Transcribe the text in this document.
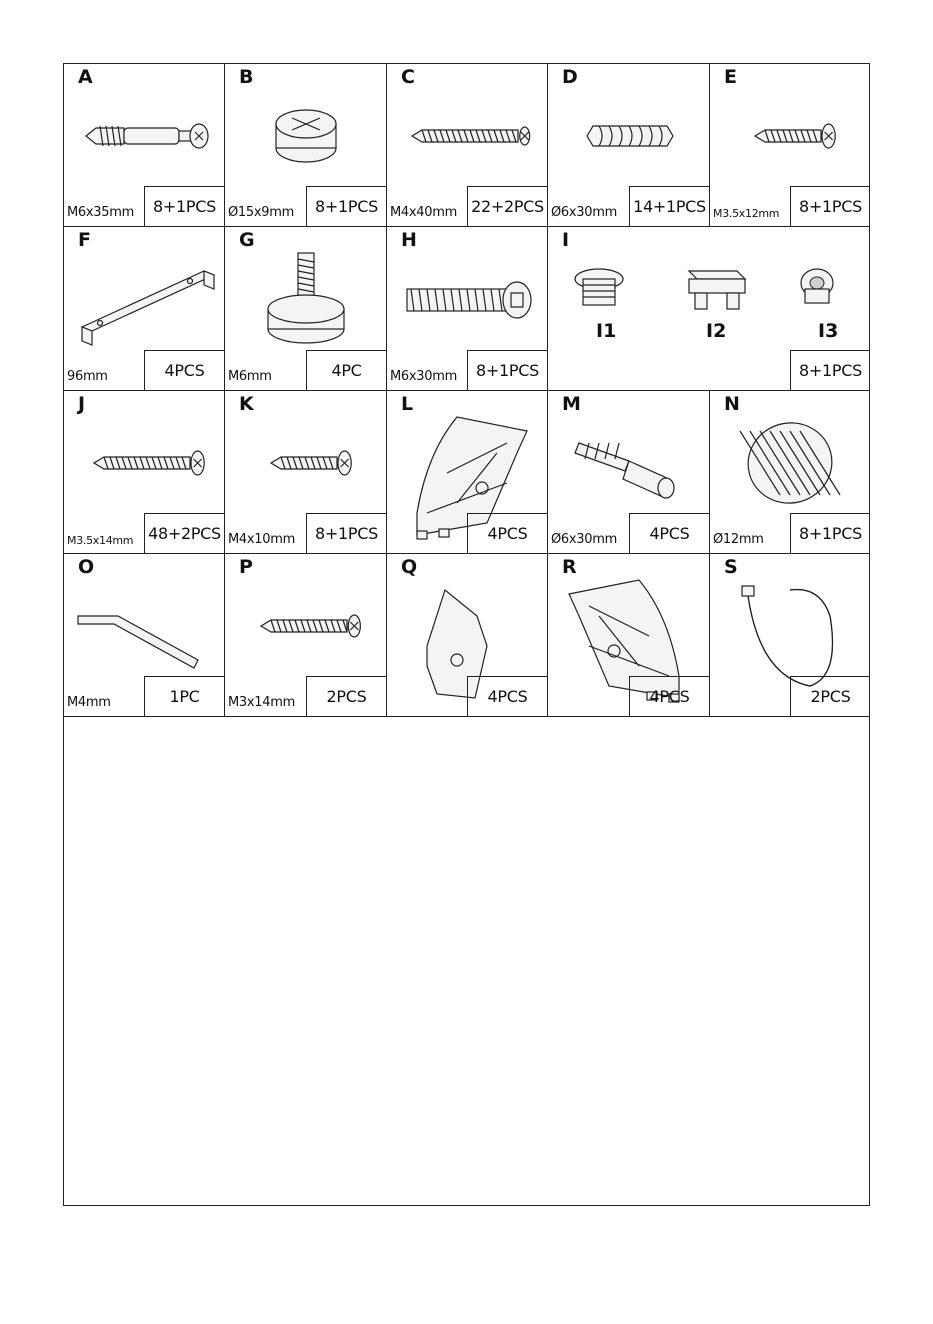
A
M6x35mm	8+1PCS
B
Ø15x9mm	8+1PCS
C
M4x40mm 22+2PCS
D
Ø6x30mm 14+1PCS
E
M3.5x12mm	8+1PCS
F
96mm	4PCS
G
M6mm	4PC
H
M6x30mm	8+1PCS
I
I1	I2	I3
8+1PCS
J
M3.5x14mm 48+2PCS
K
M4x10mm	8+1PCS
L
4PCS
M
Ø6x30mm	4PCS
N
Ø12mm	8+1PCS
O
M4mm	1PC
P
M3x14mm	2PCS
Q
4PCS
R
4PCS
S
2PCS
